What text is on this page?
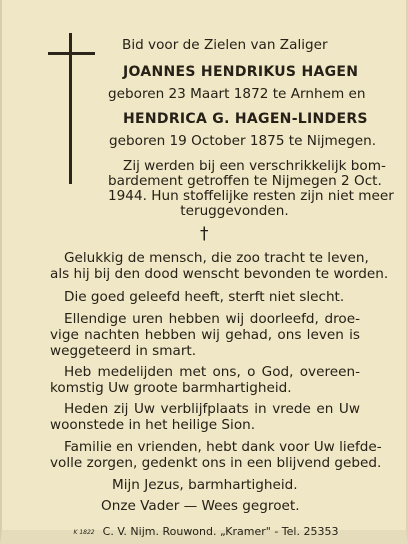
Bid voor de Zielen van Zaliger
JOANNES HENDRIKUS HAGEN
geboren 23 Maart 1872 te Arnhem en
HENDRICA G. HAGEN-LINDERS
geboren 19 October 1875 te Nijmegen.
Zij werden bij een verschrikkelijk bom-
bardement getroffen te Nijmegen 2 Oct.
1944. Hun stoffelijke resten zijn niet meer
teruggevonden.
†
Gelukkig de mensch, die zoo tracht te leven,
als hij bij den dood wenscht bevonden te worden.
Die goed geleefd heeft, sterft niet slecht.
Ellendige uren hebben wij doorleefd, droe-
vige nachten hebben wij gehad, ons leven is
weggeteerd in smart.
Heb medelijden met ons, o God, overeen-
komstig Uw groote barmhartigheid.
Heden zij Uw verblijfplaats in vrede en Uw
woonstede in het heilige Sion.
Familie en vrienden, hebt dank voor Uw liefde-
volle zorgen, gedenkt ons in een blijvend gebed.
Mijn Jezus, barmhartigheid.
Onze Vader — Wees gegroet.
K 1822 C. V. Nijm. Rouwond. „Kramer" - Tel. 25353
